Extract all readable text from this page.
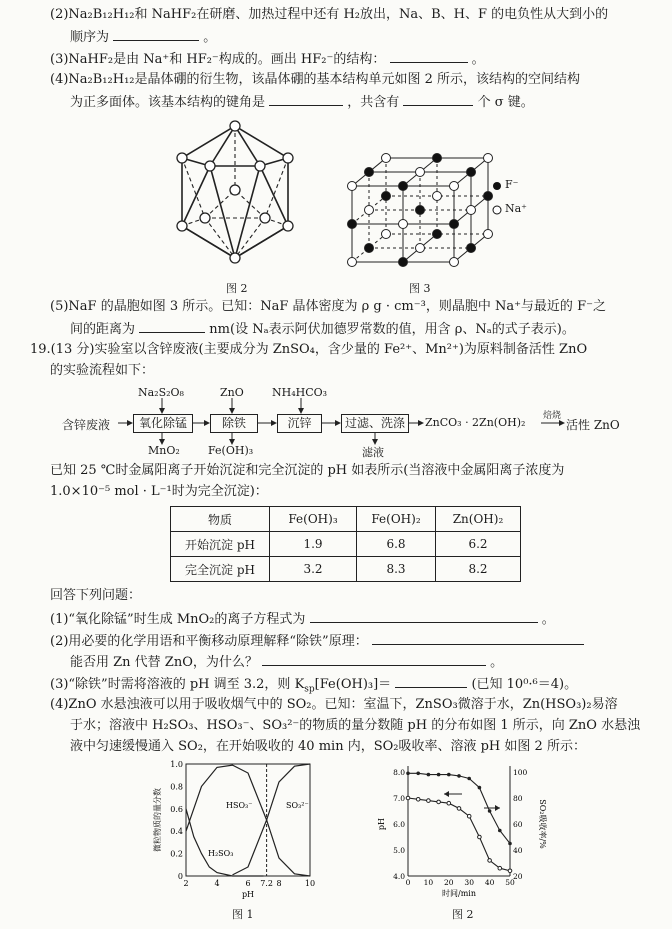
(2)Na₂B₁₂H₁₂和 NaHF₂在研磨、加热过程中还有 H₂放出，Na、B、H、F 的电负性从大到小的
顺序为	。
(3)NaHF₂是由 Na⁺和 HF₂⁻构成的。画出 HF₂⁻的结构：	。
(4)Na₂B₁₂H₁₂是晶体硼的衍生物，该晶体硼的基本结构单元如图 2 所示，该结构的空间结构
为正多面体。该基本结构的键角是	，共含有	个 σ 键。
图 2
F⁻
Na⁺
图 3
(5)NaF 的晶胞如图 3 所示。已知：NaF 晶体密度为 ρ g · cm⁻³，则晶胞中 Na⁺与最近的 F⁻之
间的距离为	nm(设 Nₐ表示阿伏加德罗常数的值，用含 ρ、Nₐ的式子表示)。
19.(13 分)实验室以含锌废液(主要成分为 ZnSO₄，含少量的 Fe²⁺、Mn²⁺)为原料制备活性 ZnO
的实验流程如下：
Na₂S₂O₈	ZnO	NH₄HCO₃
含锌废液	氧化除锰	除铁	沉锌	过滤、洗涤	ZnCO₃ · 2Zn(OH)₂ 焙烧
活性 ZnO
MnO₂	Fe(OH)₃	滤液
已知 25 ℃时金属阳离子开始沉淀和完全沉淀的 pH 如表所示(当溶液中金属阳离子浓度为
1.0×10⁻⁵ mol · L⁻¹时为完全沉淀)：
物质	Fe(OH)₃	Fe(OH)₂	Zn(OH)₂
开始沉淀 pH	1.9	6.8	6.2
完全沉淀 pH	3.2	8.3	8.2
回答下列问题：
(1)“氧化除锰”时生成 MnO₂的离子方程式为	。
(2)用必要的化学用语和平衡移动原理解释“除铁”原理：
能否用 Zn 代替 ZnO，为什么？	。
(3)“除铁”时需将溶液的 pH 调至 3.2，则 $K_{sp}[Fe(OH)_3]=$	(已知 10⁰·⁶＝4)。
(4)ZnO 水悬浊液可以用于吸收烟气中的 SO₂。已知：室温下，ZnSO₃微溶于水，Zn(HSO₃)₂易溶
于水；溶液中 H₂SO₃、HSO₃⁻、SO₃²⁻的物质的量分数随 pH 的分布如图 1 所示，向 ZnO 水悬浊
液中匀速缓慢通入 SO₂，在开始吸收的 40 min 内，SO₂吸收率、溶液 pH 如图 2 所示：
0
0.2
0.4
0.6
0.8
1.0
2	4	6 7.2 8	10
H₂SO₃
HSO₃⁻	SO₃²⁻
pH
微粒物质的量分数
图 1
4.0
5.0
6.0
7.0
8.0
20
40
60
80
100
0 10 20 30 40 50
时间/min
pH	SO₂吸收率/%
图 2
